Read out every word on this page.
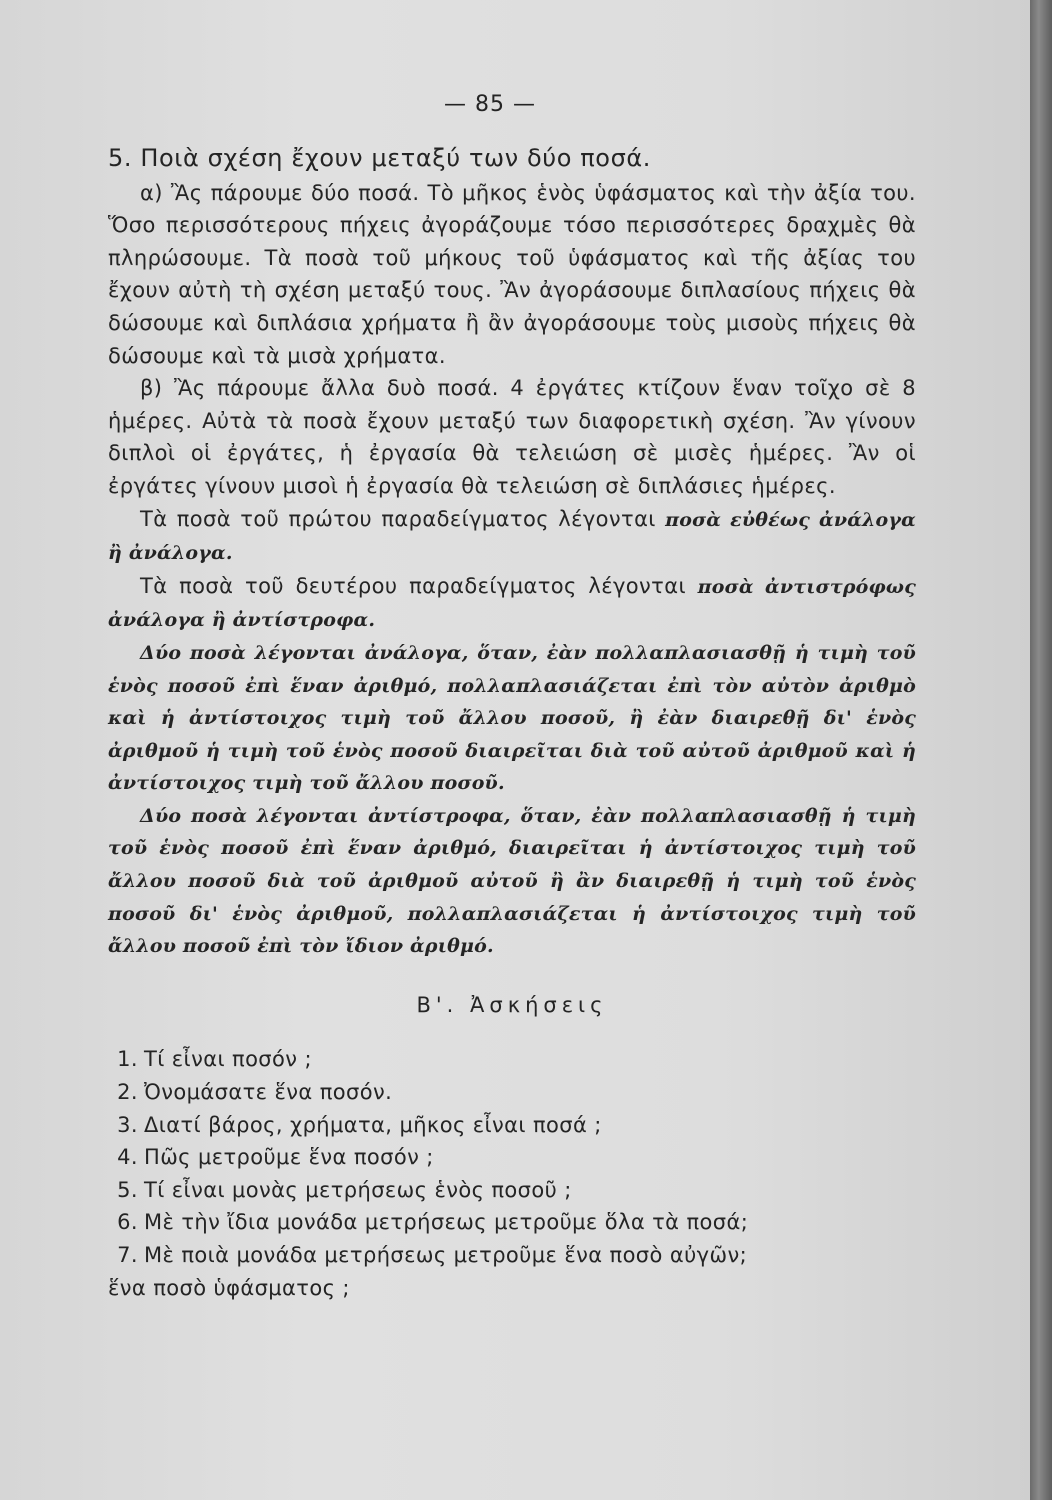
— 85 —

5. Ποιὰ σχέση ἔχουν μεταξύ των δύο ποσά.

α) Ἂς πάρουμε δύο ποσά. Τὸ μῆκος ἑνὸς ὑφάσματος καὶ τὴν ἀξία του. Ὅσο περισσότερους πήχεις ἀγοράζουμε τόσο περισσότερες δραχμὲς θὰ πληρώσουμε. Τὰ ποσὰ τοῦ μήκους τοῦ ὑφάσματος καὶ τῆς ἀξίας του ἔχουν αὐτὴ τὴ σχέση μεταξύ τους. Ἂν ἀγοράσουμε διπλασίους πήχεις θὰ δώσουμε καὶ διπλάσια χρήματα ἢ ἂν ἀγοράσουμε τοὺς μισοὺς πήχεις θὰ δώσουμε καὶ τὰ μισὰ χρήματα.

β) Ἂς πάρουμε ἄλλα δυὸ ποσά. 4 ἐργάτες κτίζουν ἕναν τοῖχο σὲ 8 ἡμέρες. Αὐτὰ τὰ ποσὰ ἔχουν μεταξύ των διαφορετικὴ σχέση. Ἂν γίνουν διπλοὶ οἱ ἐργάτες, ἡ ἐργασία θὰ τελειώση σὲ μισὲς ἡμέρες. Ἂν οἱ ἐργάτες γίνουν μισοὶ ἡ ἐργασία θὰ τελειώση σὲ διπλάσιες ἡμέρες.

Τὰ ποσὰ τοῦ πρώτου παραδείγματος λέγονται ποσὰ εὐθέως ἀνάλογα ἢ ἀνάλογα.

Τὰ ποσὰ τοῦ δευτέρου παραδείγματος λέγονται ποσὰ ἀντιστρόφως ἀνάλογα ἢ ἀντίστροφα.

Δύο ποσὰ λέγονται ἀνάλογα, ὅταν, ἐὰν πολλαπλασιασθῇ ἡ τιμὴ τοῦ ἑνὸς ποσοῦ ἐπὶ ἕναν ἀριθμό, πολλαπλασιάζεται ἐπὶ τὸν αὐτὸν ἀριθμὸ καὶ ἡ ἀντίστοιχος τιμὴ τοῦ ἄλλου ποσοῦ, ἢ ἐὰν διαιρεθῇ δι' ἑνὸς ἀριθμοῦ ἡ τιμὴ τοῦ ἑνὸς ποσοῦ διαιρεῖται διὰ τοῦ αὐτοῦ ἀριθμοῦ καὶ ἡ ἀντίστοιχος τιμὴ τοῦ ἄλλου ποσοῦ.

Δύο ποσὰ λέγονται ἀντίστροφα, ὅταν, ἐὰν πολλαπλασιασθῇ ἡ τιμὴ τοῦ ἑνὸς ποσοῦ ἐπὶ ἕναν ἀριθμό, διαιρεῖται ἡ ἀντίστοιχος τιμὴ τοῦ ἄλλου ποσοῦ διὰ τοῦ ἀριθμοῦ αὐτοῦ ἢ ἂν διαιρεθῇ ἡ τιμὴ τοῦ ἑνὸς ποσοῦ δι' ἑνὸς ἀριθμοῦ, πολλαπλασιάζεται ἡ ἀντίστοιχος τιμὴ τοῦ ἄλλου ποσοῦ ἐπὶ τὸν ἴδιον ἀριθμό.

Β'. Ἀσκήσεις

1. Τί εἶναι ποσόν ;
2. Ὀνομάσατε ἕνα ποσόν.
3. Διατί βάρος, χρήματα, μῆκος εἶναι ποσά ;
4. Πῶς μετροῦμε ἕνα ποσόν ;
5. Τί εἶναι μονὰς μετρήσεως ἑνὸς ποσοῦ ;
6. Μὲ τὴν ἴδια μονάδα μετρήσεως μετροῦμε ὅλα τὰ ποσά;
7. Μὲ ποιὰ μονάδα μετρήσεως μετροῦμε ἕνα ποσὸ αὐγῶν;
ἕνα ποσὸ ὑφάσματος ;
